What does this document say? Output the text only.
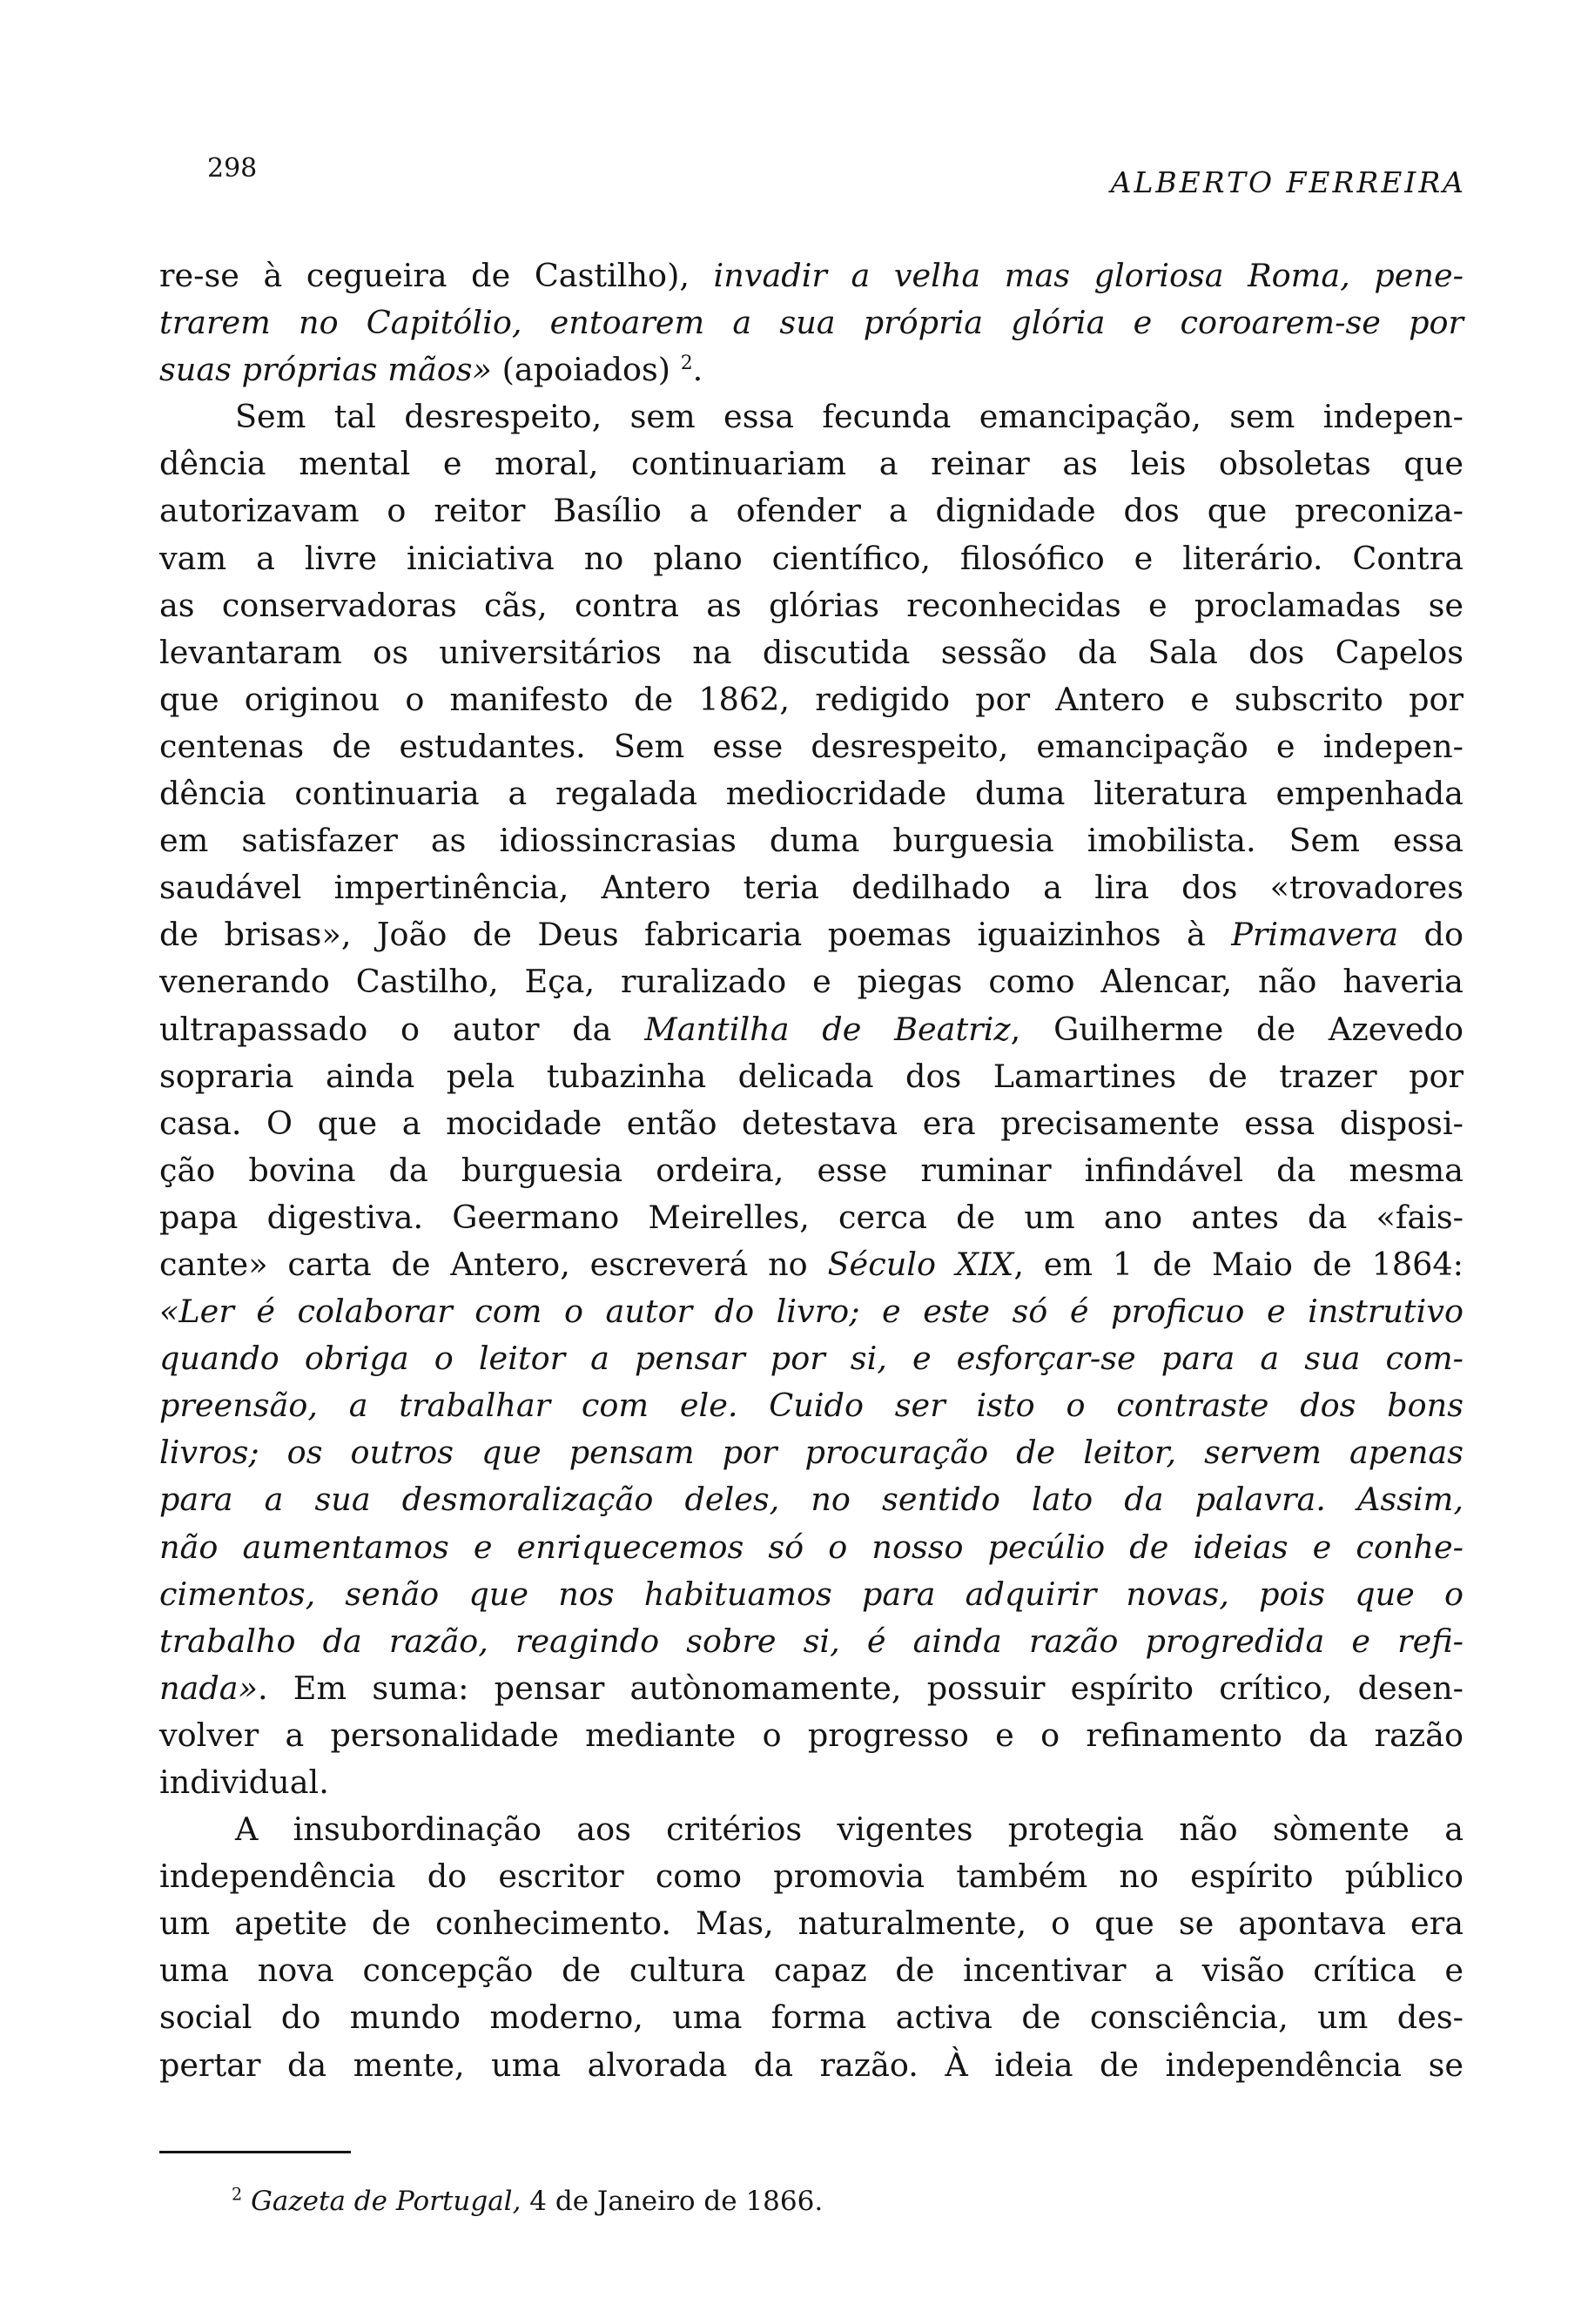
298	ALBERTO FERREIRA
re-se à cegueira de Castilho), invadir a velha mas gloriosa Roma, pene-
trarem no Capitólio, entoarem a sua própria glória e coroarem-se por
suas próprias mãos» (apoiados) $^2$.
Sem tal desrespeito, sem essa fecunda emancipação, sem indepen-
dência mental e moral, continuariam a reinar as leis obsoletas que
autorizavam o reitor Basílio a ofender a dignidade dos que preconiza-
vam a livre iniciativa no plano científico, filosófico e literário. Contra
as conservadoras cãs, contra as glórias reconhecidas e proclamadas se
levantaram os universitários na discutida sessão da Sala dos Capelos
que originou o manifesto de 1862, redigido por Antero e subscrito por
centenas de estudantes. Sem esse desrespeito, emancipação e indepen-
dência continuaria a regalada mediocridade duma literatura empenhada
em satisfazer as idiossincrasias duma burguesia imobilista. Sem essa
saudável impertinência, Antero teria dedilhado a lira dos «trovadores
de brisas», João de Deus fabricaria poemas iguaizinhos à Primavera do
venerando Castilho, Eça, ruralizado e piegas como Alencar, não haveria
ultrapassado o autor da Mantilha de Beatriz, Guilherme de Azevedo
sopraria ainda pela tubazinha delicada dos Lamartines de trazer por
casa. O que a mocidade então detestava era precisamente essa disposi-
ção bovina da burguesia ordeira, esse ruminar infindável da mesma
papa digestiva. Geermano Meirelles, cerca de um ano antes da «fais-
cante» carta de Antero, escreverá no Século XIX, em 1 de Maio de 1864:
«Ler é colaborar com o autor do livro; e este só é proficuo e instrutivo
quando obriga o leitor a pensar por si, e esforçar-se para a sua com-
preensão, a trabalhar com ele. Cuido ser isto o contraste dos bons
livros; os outros que pensam por procuração de leitor, servem apenas
para a sua desmoralização deles, no sentido lato da palavra. Assim,
não aumentamos e enriquecemos só o nosso pecúlio de ideias e conhe-
cimentos, senão que nos habituamos para adquirir novas, pois que o
trabalho da razão, reagindo sobre si, é ainda razão progredida e refi-
nada». Em suma: pensar autònomamente, possuir espírito crítico, desen-
volver a personalidade mediante o progresso e o refinamento da razão
individual.
A insubordinação aos critérios vigentes protegia não sòmente a
independência do escritor como promovia também no espírito público
um apetite de conhecimento. Mas, naturalmente, o que se apontava era
uma nova concepção de cultura capaz de incentivar a visão crítica e
social do mundo moderno, uma forma activa de consciência, um des-
pertar da mente, uma alvorada da razão. À ideia de independência se
$^2$ Gazeta de Portugal, 4 de Janeiro de 1866.
